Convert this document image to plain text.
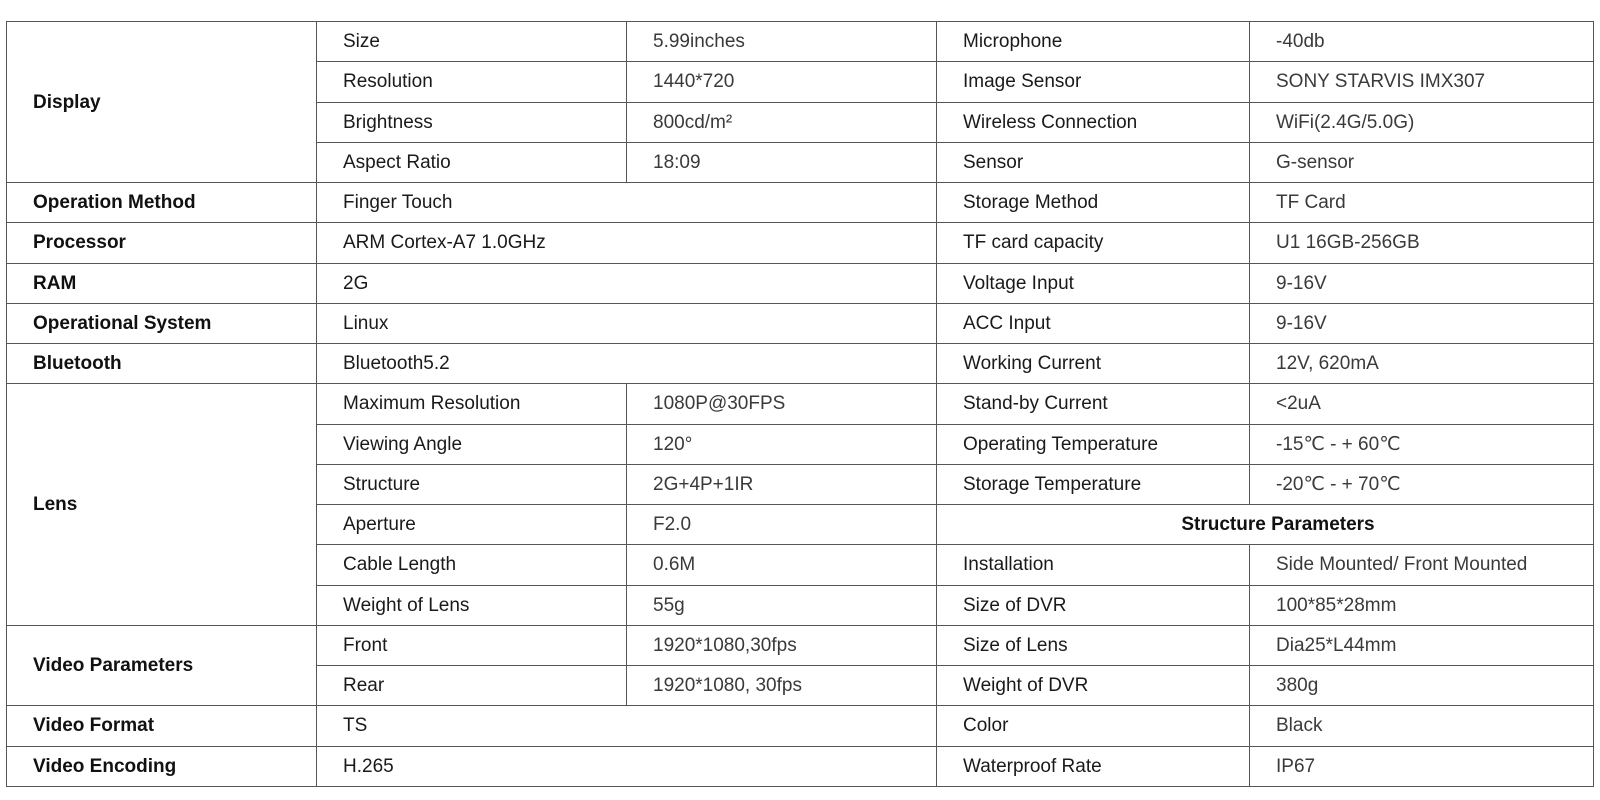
Display	Size	5.99inches	Microphone	-40db
	Resolution	1440*720	Image Sensor	SONY STARVIS IMX307
	Brightness	800cd/m²	Wireless Connection	WiFi(2.4G/5.0G)
	Aspect Ratio	18:09	Sensor	G-sensor
Operation Method	Finger Touch		Storage Method	TF Card
Processor	ARM Cortex-A7 1.0GHz		TF card capacity	U1 16GB-256GB
RAM	2G		Voltage Input	9-16V
Operational System	Linux		ACC Input	9-16V
Bluetooth	Bluetooth5.2		Working Current	12V, 620mA
Lens	Maximum Resolution	1080P@30FPS	Stand-by Current	<2uA
	Viewing Angle	120°	Operating Temperature	-15℃ - + 60℃
	Structure	2G+4P+1IR	Storage Temperature	-20℃ - + 70℃
	Aperture	F2.0	Structure Parameters	
	Cable Length	0.6M	Installation	Side Mounted/ Front Mounted
	Weight of Lens	55g	Size of DVR	100*85*28mm
Video Parameters	Front	1920*1080,30fps	Size of Lens	Dia25*L44mm
	Rear	1920*1080, 30fps	Weight of DVR	380g
Video Format	TS		Color	Black
Video Encoding	H.265		Waterproof Rate	IP67
